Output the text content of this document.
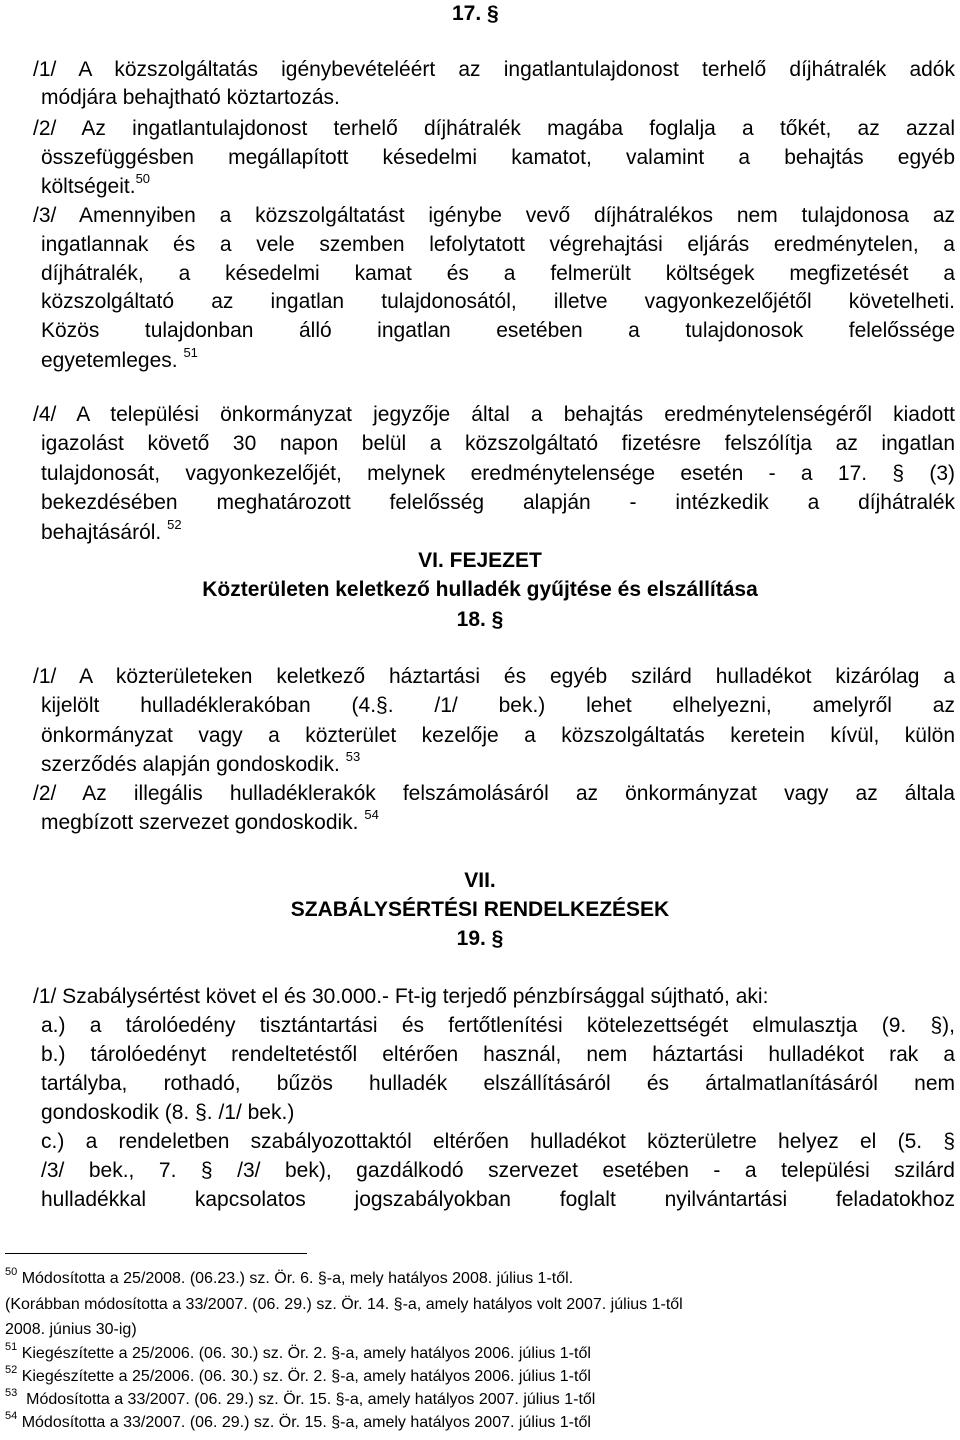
17. §
/1/ A közszolgáltatás igénybevételéért az ingatlantulajdonost terhelő díjhátralék adók
módjára behajtható köztartozás.
/2/ Az ingatlantulajdonost terhelő díjhátralék magába foglalja a tőkét, az azzal
összefüggésben megállapított késedelmi kamatot, valamint a behajtás egyéb
költségeit.$^{50}$
/3/ Amennyiben a közszolgáltatást igénybe vevő díjhátralékos nem tulajdonosa az
ingatlannak és a vele szemben lefolytatott végrehajtási eljárás eredménytelen, a
díjhátralék, a késedelmi kamat és a felmerült költségek megfizetését a
közszolgáltató az ingatlan tulajdonosától, illetve vagyonkezelőjétől követelheti.
Közös tulajdonban álló ingatlan esetében a tulajdonosok felelőssége
egyetemleges. $^{51}$
/4/ A települési önkormányzat jegyzője által a behajtás eredménytelenségéről kiadott
igazolást követő 30 napon belül a közszolgáltató fizetésre felszólítja az ingatlan
tulajdonosát, vagyonkezelőjét, melynek eredménytelensége esetén - a 17. § (3)
bekezdésében meghatározott felelősség alapján - intézkedik a díjhátralék
behajtásáról. $^{52}$
VI. FEJEZET
Közterületen keletkező hulladék gyűjtése és elszállítása
18. §
/1/ A közterületeken keletkező háztartási és egyéb szilárd hulladékot kizárólag a
kijelölt hulladéklerakóban (4.§. /1/ bek.) lehet elhelyezni, amelyről az
önkormányzat vagy a közterület kezelője a közszolgáltatás keretein kívül, külön
szerződés alapján gondoskodik. $^{53}$
/2/ Az illegális hulladéklerakók felszámolásáról az önkormányzat vagy az általa
megbízott szervezet gondoskodik. $^{54}$
VII.
SZABÁLYSÉRTÉSI RENDELKEZÉSEK
19. §
/1/ Szabálysértést követ el és 30.000.- Ft-ig terjedő pénzbírsággal sújtható, aki:
a.) a tárolóedény tisztántartási és fertőtlenítési kötelezettségét elmulasztja (9. §),
b.) tárolóedényt rendeltetéstől eltérően használ, nem háztartási hulladékot rak a
tartályba, rothadó, bűzös hulladék elszállításáról és ártalmatlanításáról nem
gondoskodik (8. §. /1/ bek.)
c.) a rendeletben szabályozottaktól eltérően hulladékot közterületre helyez el (5. §
/3/ bek., 7. § /3/ bek), gazdálkodó szervezet esetében - a települési szilárd
hulladékkal kapcsolatos jogszabályokban foglalt nyilvántartási feladatokhoz
$^{50}$ Módosította a 25/2008. (06.23.) sz. Ör. 6. §-a, mely hatályos 2008. július 1-től.
(Korábban módosította a 33/2007. (06. 29.) sz. Ör. 14. §-a, amely hatályos volt 2007. július 1-től
2008. június 30-ig)
$^{51}$ Kiegészítette a 25/2006. (06. 30.) sz. Ör. 2. §-a, amely hatályos 2006. július 1-től
$^{52}$ Kiegészítette a 25/2006. (06. 30.) sz. Ör. 2. §-a, amely hatályos 2006. július 1-től
$^{53}$  Módosította a 33/2007. (06. 29.) sz. Ör. 15. §-a, amely hatályos 2007. július 1-től
$^{54}$ Módosította a 33/2007. (06. 29.) sz. Ör. 15. §-a, amely hatályos 2007. július 1-től
